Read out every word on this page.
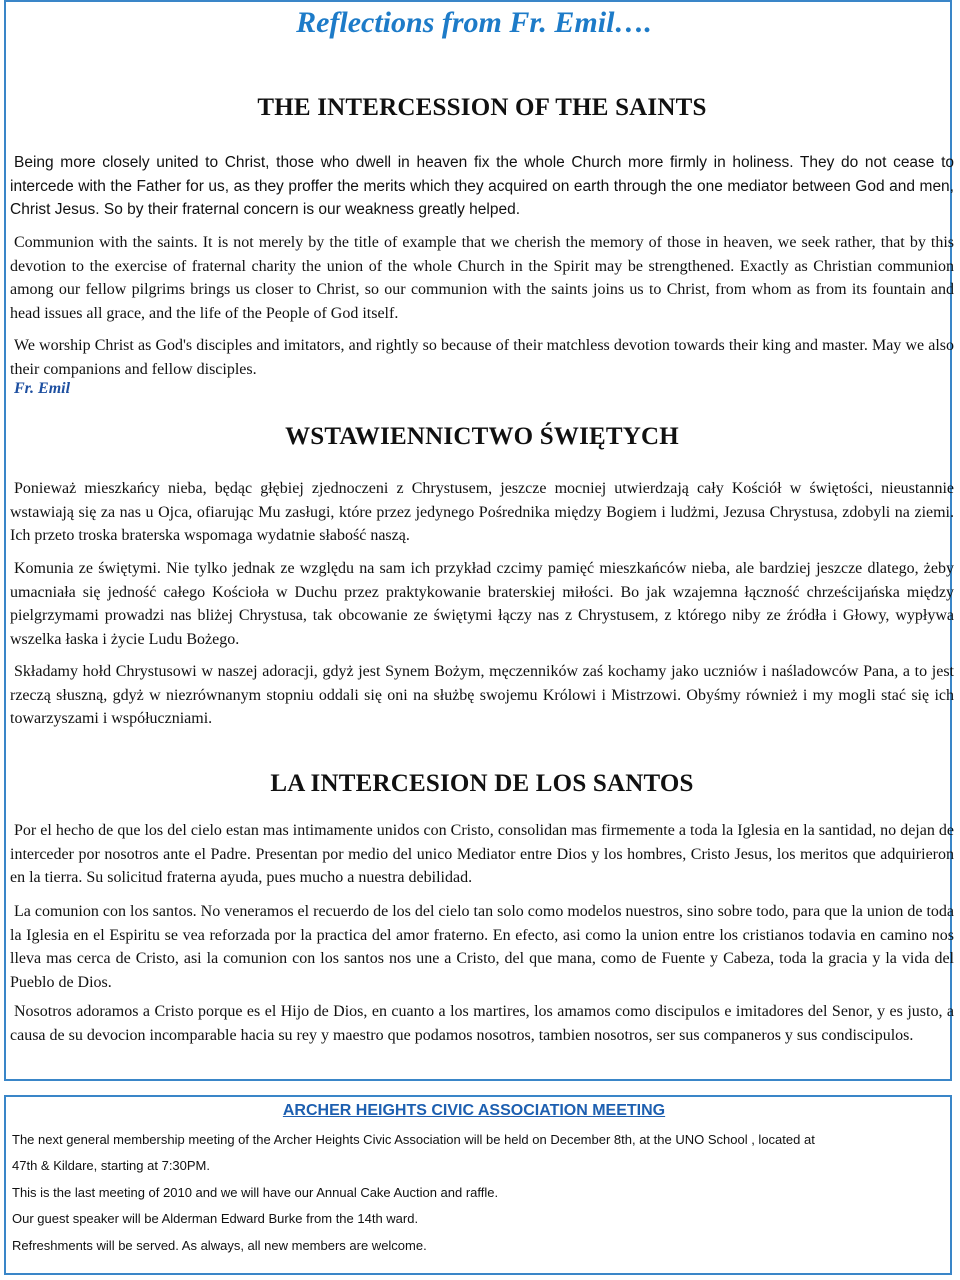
Reflections from Fr. Emil….
THE INTERCESSION OF THE SAINTS

Being more closely united to Christ, those who dwell in heaven fix the whole Church more firmly in holiness. They do not cease to intercede with the Father for us, as they proffer the merits which they acquired on earth through the one mediator between God and men, Christ Jesus. So by their fraternal concern is our weakness greatly helped.

Communion with the saints. It is not merely by the title of example that we cherish the memory of those in heaven, we seek rather, that by this devotion to the exercise of fraternal charity the union of the whole Church in the Spirit may be strengthened. Exactly as Christian communion among our fellow pilgrims brings us closer to Christ, so our communion with the saints joins us to Christ, from whom as from its fountain and head issues all grace, and the life of the People of God itself.

We worship Christ as God's disciples and imitators, and rightly so because of their matchless devotion towards their king and master. May we also their companions and fellow disciples.

Fr. Emil
WSTAWIENNICTWO ŚWIĘTYCH

Ponieważ mieszkańcy nieba, będąc głębiej zjednoczeni z Chrystusem, jeszcze mocniej utwierdzają cały Kościół w świętości, nieustannie wstawiają się za nas u Ojca, ofiarując Mu zasługi, które przez jedynego Pośrednika między Bogiem i ludżmi, Jezusa Chrystusa, zdobyli na ziemi. Ich przeto troska braterska wspomaga wydatnie słabość naszą.

Komunia ze świętymi. Nie tylko jednak ze względu na sam ich przykład czcimy pamięć mieszkańców nieba, ale bardziej jeszcze dlatego, żeby umacniała się jedność całego Kościoła w Duchu przez praktykowanie braterskiej miłości. Bo jak wzajemna łączność chrześcijańska między pielgrzymami prowadzi nas bliżej Chrystusa, tak obcowanie ze świętymi łączy nas z Chrystusem, z którego niby ze źródła i Głowy, wypływa wszelka łaska i życie Ludu Bożego.

Składamy hołd Chrystusowi w naszej adoracji, gdyż jest Synem Bożym, męczenników zaś kochamy jako uczniów i naśladowców Pana, a to jest rzeczą słuszną, gdyż w niezrównanym stopniu oddali się oni na służbę swojemu Królowi i Mistrzowi. Obyśmy również i my mogli stać się ich towarzyszami i współuczniami.

LA INTERCESION DE LOS SANTOS

Por el hecho de que los del cielo estan mas intimamente unidos con Cristo, consolidan mas firmemente a toda la Iglesia en la santidad, no dejan de interceder por nosotros ante el Padre. Presentan por medio del unico Mediator entre Dios y los hombres, Cristo Jesus, los meritos que adquirieron en la tierra. Su solicitud fraterna ayuda, pues mucho a nuestra debilidad.

La comunion con los santos. No veneramos el recuerdo de los del cielo tan solo como modelos nuestros, sino sobre todo, para que la union de toda la Iglesia en el Espiritu se vea reforzada por la practica del amor fraterno. En efecto, asi como la union entre los cristianos todavia en camino nos lleva mas cerca de Cristo, asi la comunion con los santos nos une a Cristo, del que mana, como de Fuente y Cabeza, toda la gracia y la vida del Pueblo de Dios.

Nosotros adoramos a Cristo porque es el Hijo de Dios, en cuanto a los martires, los amamos como discipulos e imitadores del Senor, y es justo, a causa de su devocion incomparable hacia su rey y maestro que podamos nosotros, tambien nosotros, ser sus companeros y sus condiscipulos.

ARCHER HEIGHTS CIVIC ASSOCIATION MEETING
The next general membership meeting of the Archer Heights Civic Association will be held on December 8th, at the UNO School , located at
47th & Kildare, starting at 7:30PM.
This is the last meeting of 2010 and we will have our Annual Cake Auction and raffle.
Our guest speaker will be Alderman Edward Burke from the 14th ward.
Refreshments will be served. As always, all new members are welcome.
